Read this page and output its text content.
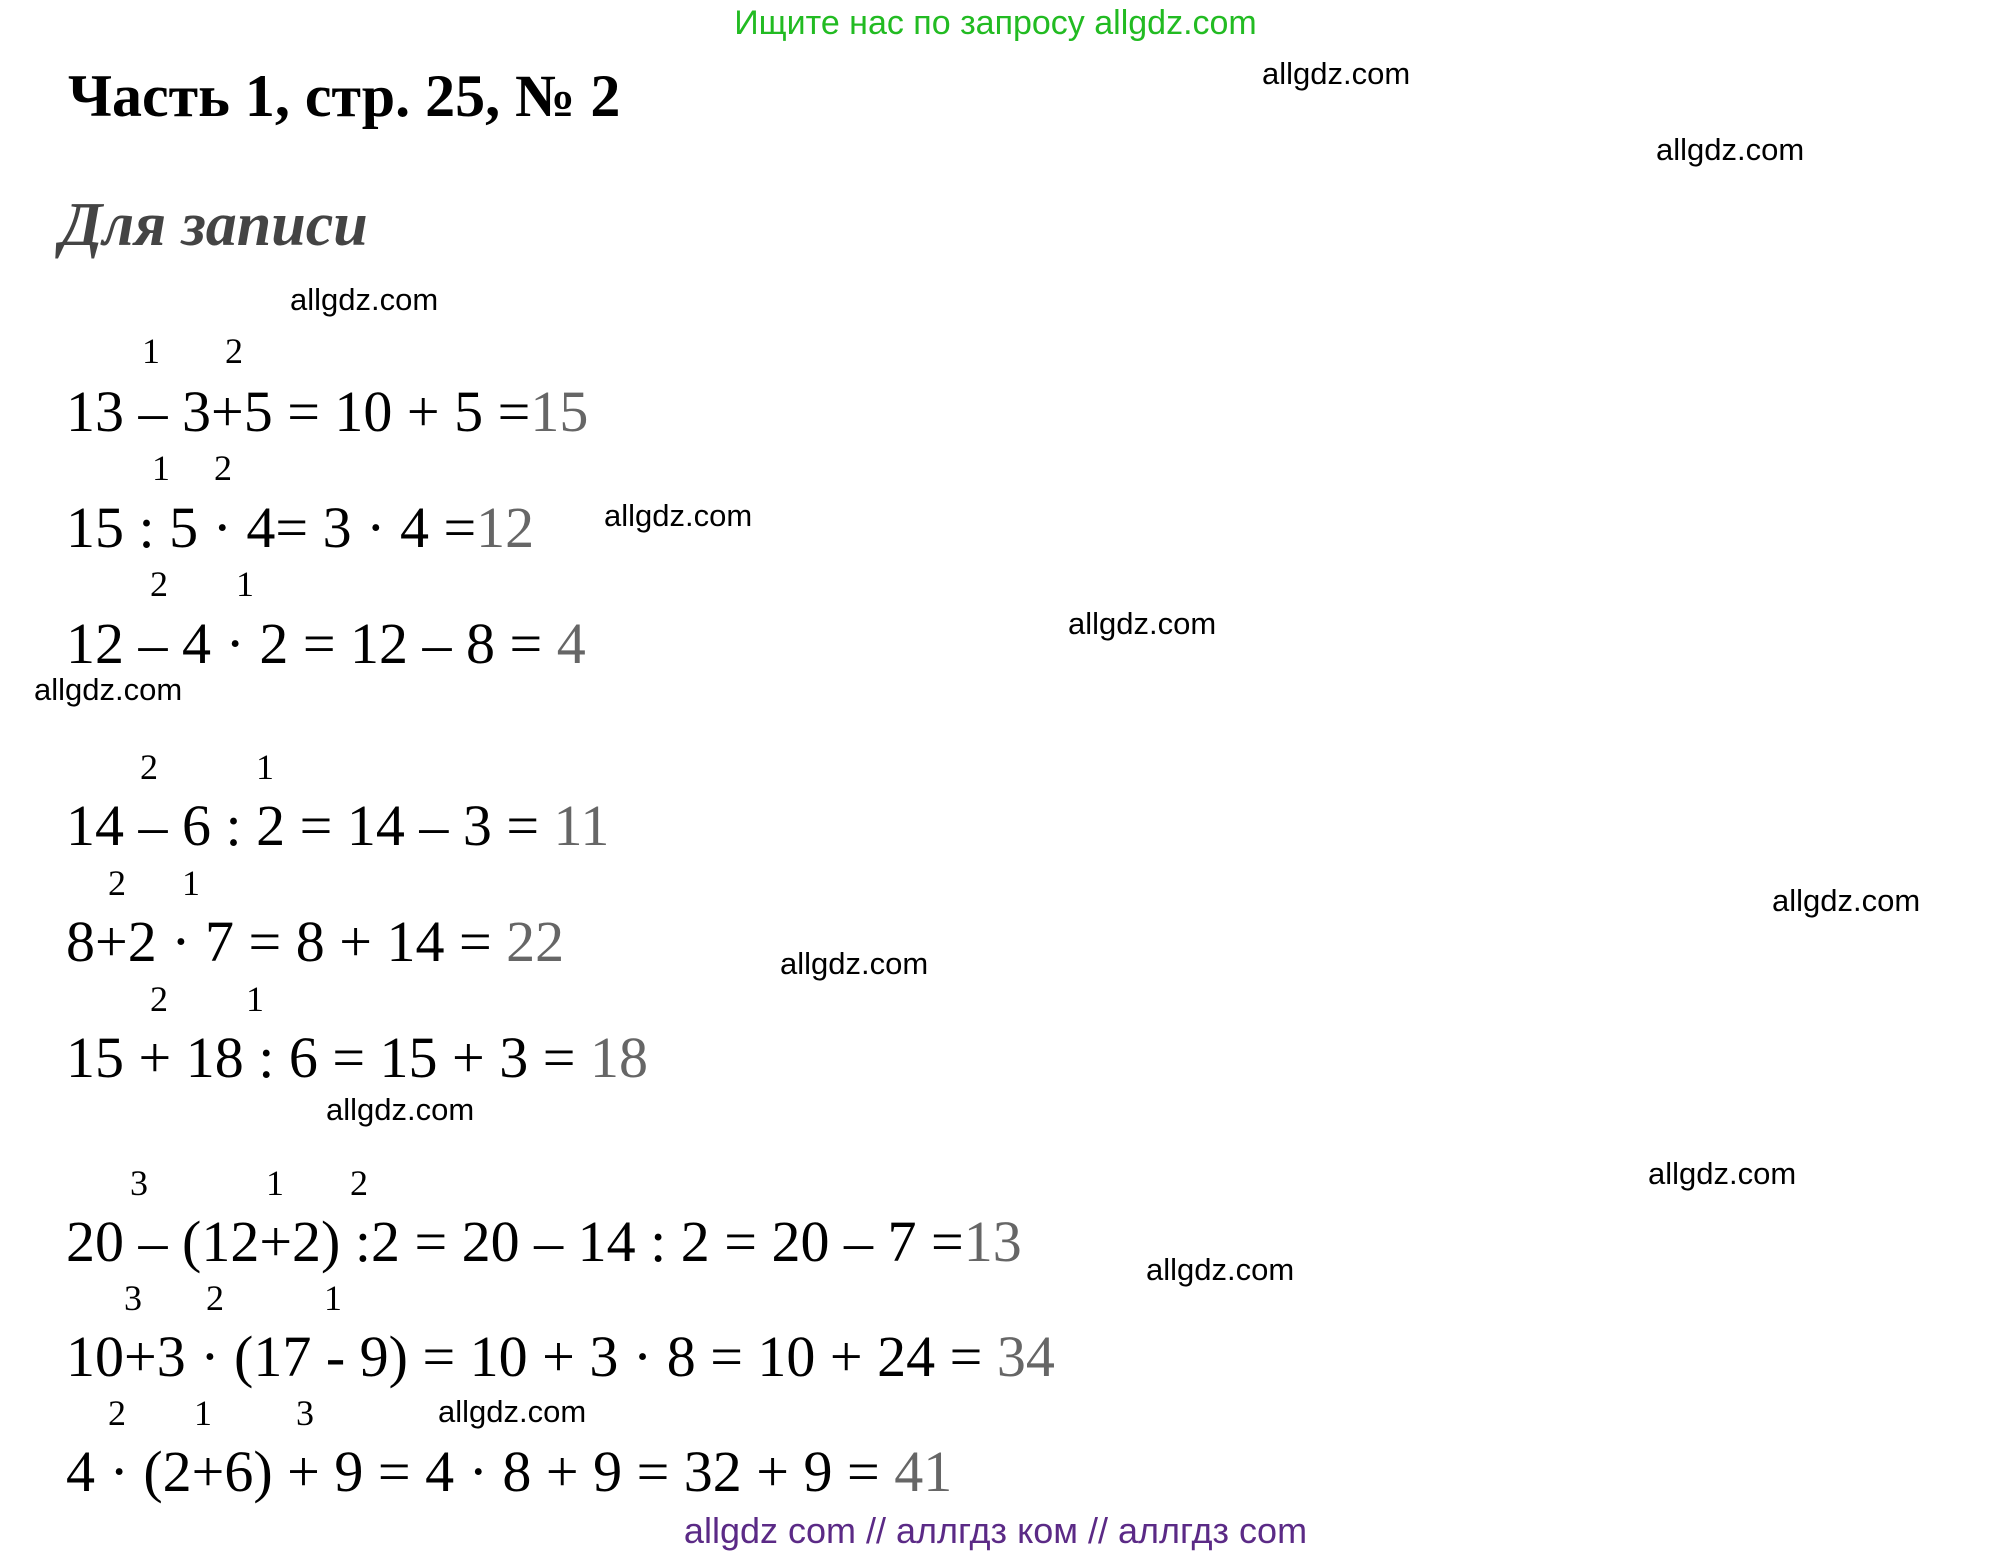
Ищите нас по запросу allgdz.com
Часть 1, стр. 25, № 2
Для записи
1 2
13 – 3+5 = 10 + 5 =15
1 2
15 : 5 · 4= 3 · 4 =12
2 1
12 – 4 · 2 = 12 – 8 = 4
2	1
14 – 6 : 2 = 14 – 3 = 11
2 1
8+2 · 7 = 8 + 14 = 22
2 1
15 + 18 : 6 = 15 + 3 = 18
3	1 2
20 – (12+2) :2 = 20 – 14 : 2 = 20 – 7 =13
3 2	1
10+3 · (17 - 9) = 10 + 3 · 8 = 10 + 24 = 34
2 1 3
4 · (2+6) + 9 = 4 · 8 + 9 = 32 + 9 = 41
allgdz.com
allgdz.com
allgdz.com
allgdz.com
allgdz.com
allgdz.com
allgdz.com
allgdz.com
allgdz.com
allgdz.com
allgdz.com
allgdz.com
allgdz com // аллгдз ком // аллгдз com
